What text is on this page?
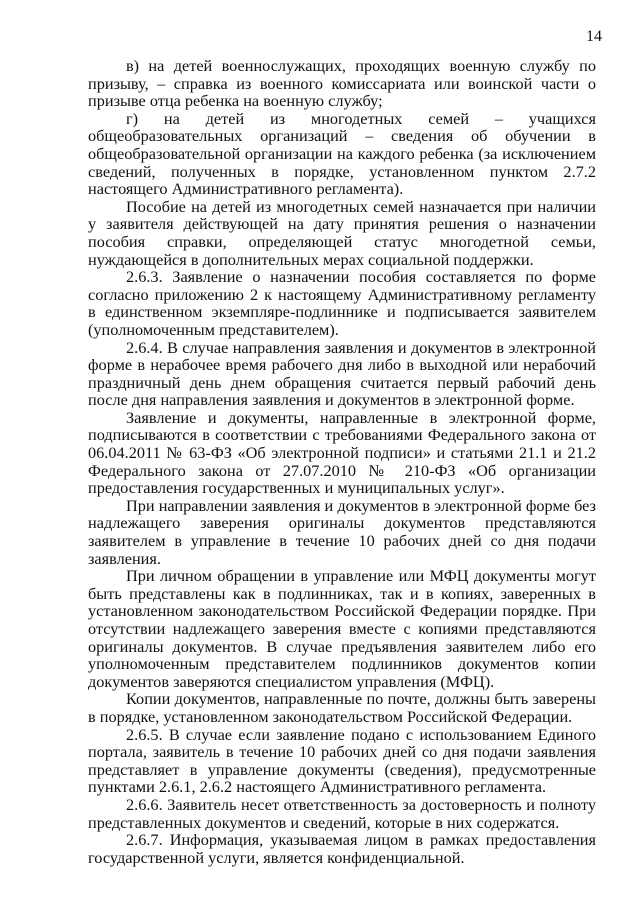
14

в) на детей военнослужащих, проходящих военную службу по призыву, – справка из военного комиссариата или воинской части о призыве отца ребенка на военную службу;

г) на детей из многодетных семей – учащихся общеобразовательных организаций – сведения об обучении в общеобразовательной организации на каждого ребенка (за исключением сведений, полученных в порядке, установленном пунктом 2.7.2 настоящего Административного регламента).

Пособие на детей из многодетных семей назначается при наличии у заявителя действующей на дату принятия решения о назначении пособия справки, определяющей статус многодетной семьи, нуждающейся в дополнительных мерах социальной поддержки.

2.6.3. Заявление о назначении пособия составляется по форме согласно приложению 2 к настоящему Административному регламенту в единственном экземпляре-подлиннике и подписывается заявителем (уполномоченным представителем).

2.6.4. В случае направления заявления и документов в электронной форме в нерабочее время рабочего дня либо в выходной или нерабочий праздничный день днем обращения считается первый рабочий день после дня направления заявления и документов в электронной форме.

Заявление и документы, направленные в электронной форме, подписываются в соответствии с требованиями Федерального закона от 06.04.2011 № 63-ФЗ «Об электронной подписи» и статьями 21.1 и 21.2 Федерального закона от 27.07.2010 № 210-ФЗ «Об организации предоставления государственных и муниципальных услуг».

При направлении заявления и документов в электронной форме без надлежащего заверения оригиналы документов представляются заявителем в управление в течение 10 рабочих дней со дня подачи заявления.

При личном обращении в управление или МФЦ документы могут быть представлены как в подлинниках, так и в копиях, заверенных в установленном законодательством Российской Федерации порядке. При отсутствии надлежащего заверения вместе с копиями представляются оригиналы документов. В случае предъявления заявителем либо его уполномоченным представителем подлинников документов копии документов заверяются специалистом управления (МФЦ).

Копии документов, направленные по почте, должны быть заверены в порядке, установленном законодательством Российской Федерации.

2.6.5. В случае если заявление подано с использованием Единого портала, заявитель в течение 10 рабочих дней со дня подачи заявления представляет в управление документы (сведения), предусмотренные пунктами 2.6.1, 2.6.2 настоящего Административного регламента.

2.6.6. Заявитель несет ответственность за достоверность и полноту представленных документов и сведений, которые в них содержатся.

2.6.7. Информация, указываемая лицом в рамках предоставления государственной услуги, является конфиденциальной.
